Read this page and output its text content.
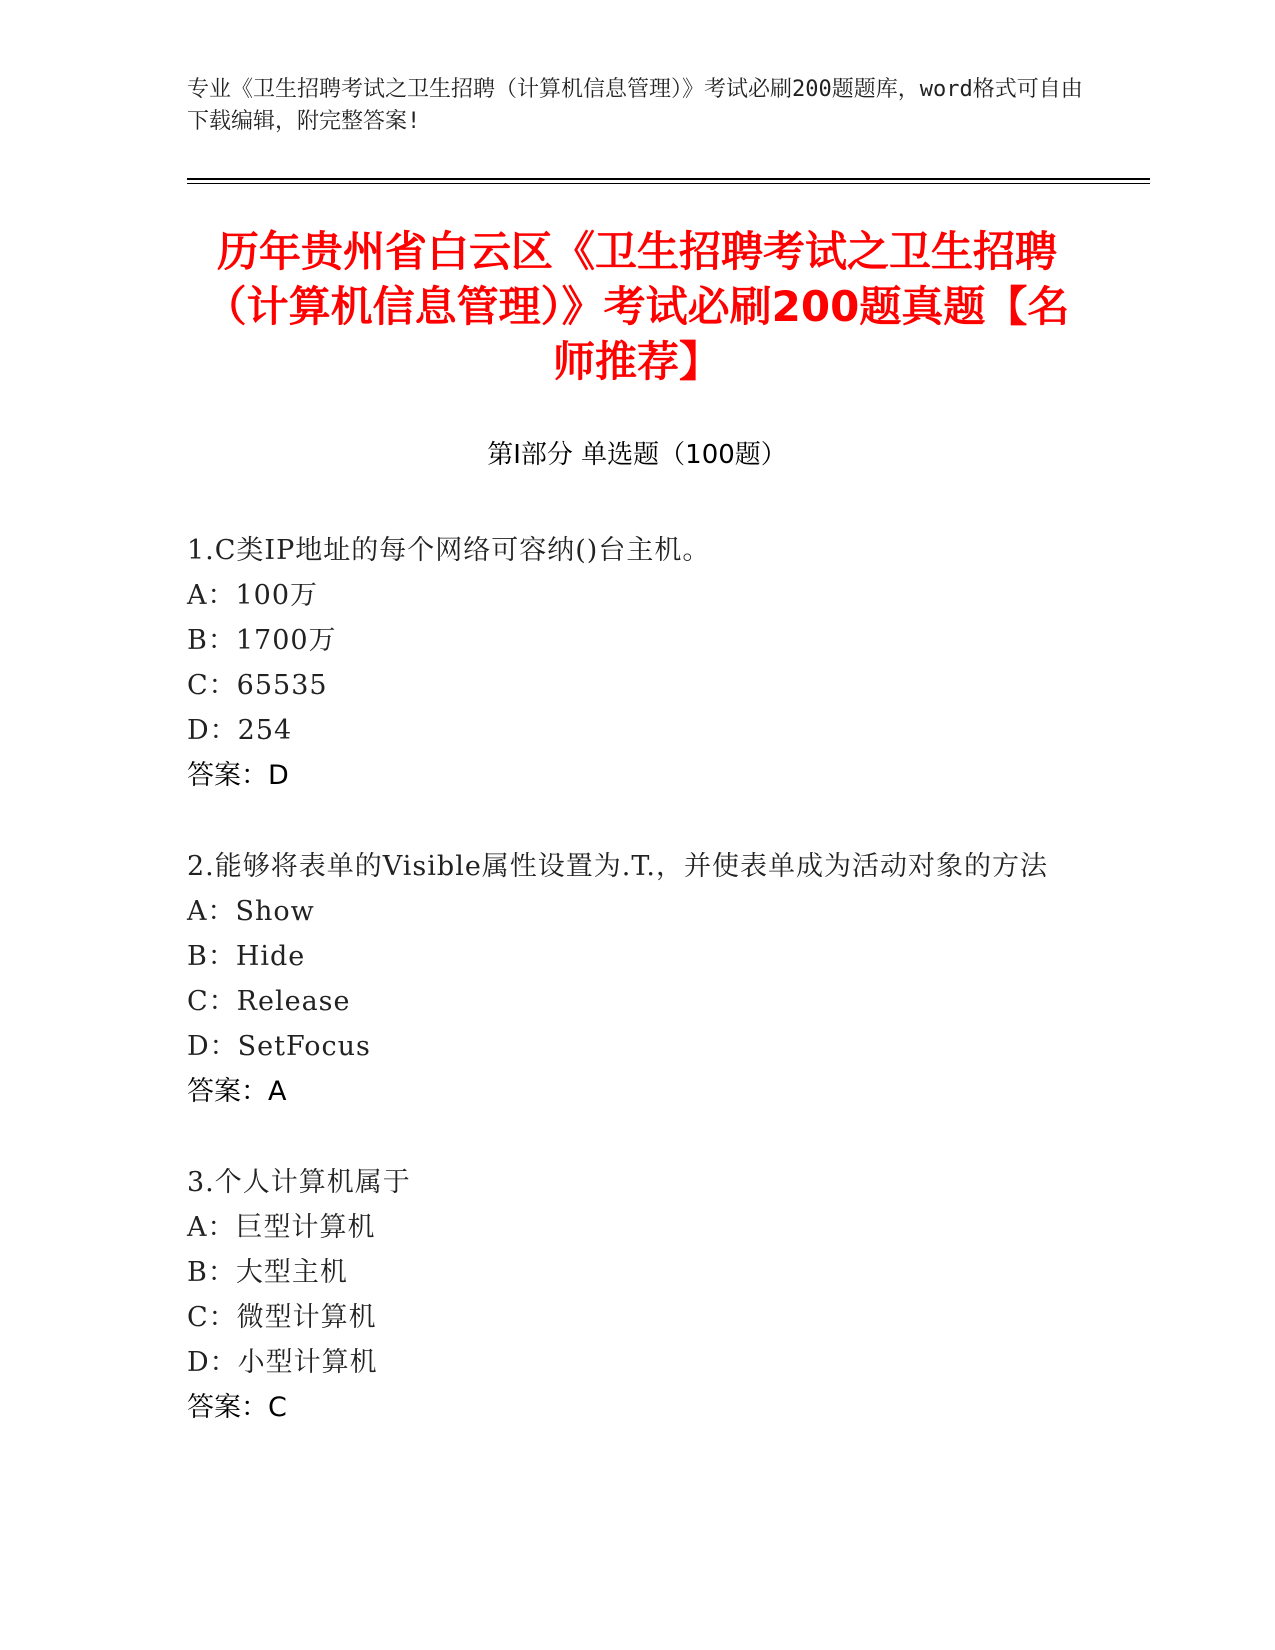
专业《卫生招聘考试之卫生招聘（计算机信息管理）》考试必刷200题题库，word格式可自由下载编辑，附完整答案!
历年贵州省白云区《卫生招聘考试之卫生招聘（计算机信息管理）》考试必刷200题真题【名师推荐】
第Ⅰ部分 单选题（100题）
1.C类IP地址的每个网络可容纳()台主机。
A：100万
B：1700万
C：65535
D：254
答案：D
2.能够将表单的Visible属性设置为.T.，并使表单成为活动对象的方法
A：Show
B：Hide
C：Release
D：SetFocus
答案：A
3.个人计算机属于
A：巨型计算机
B：大型主机
C：微型计算机
D：小型计算机
答案：C
